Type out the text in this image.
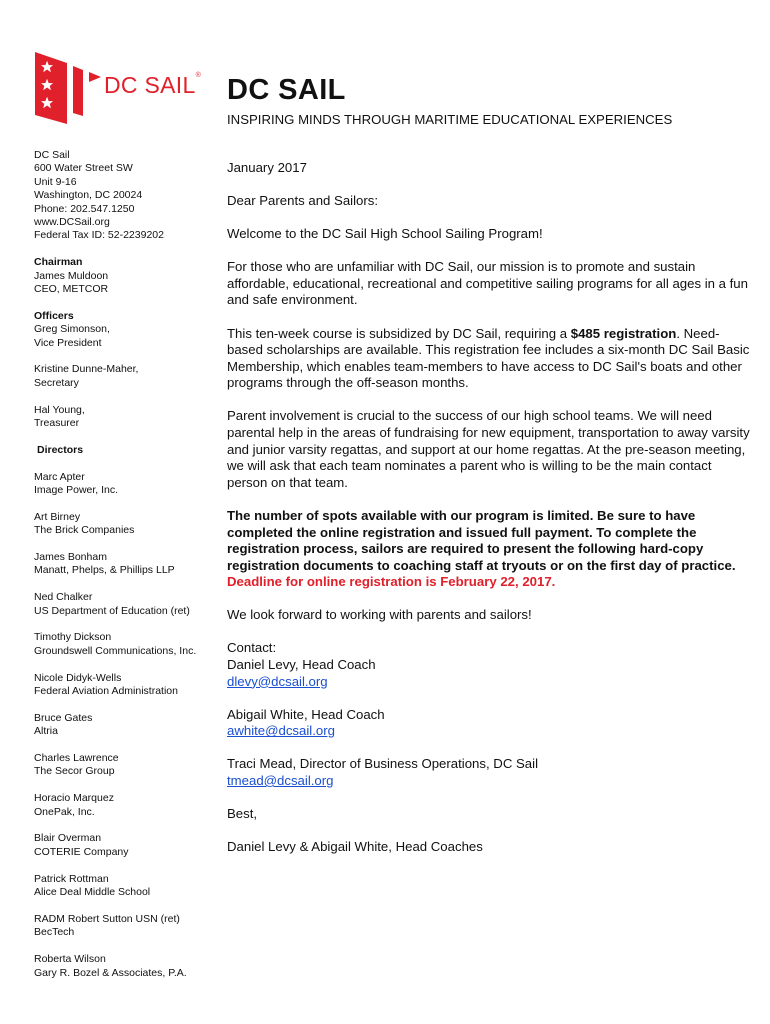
DC SAIL® DC SAIL
INSPIRING MINDS THROUGH MARITIME EDUCATIONAL EXPERIENCES
DC Sail
600 Water Street SW
Unit 9-16
Washington, DC 20024
Phone: 202.547.1250
www.DCSail.org
Federal Tax ID: 52-2239202
Chairman
James Muldoon
CEO, METCOR
Officers
Greg Simonson,
Vice President
Kristine Dunne-Maher,
Secretary
Hal Young,
Treasurer
Directors
Marc Apter
Image Power, Inc.
Art Birney
The Brick Companies
James Bonham
Manatt, Phelps, & Phillips LLP
Ned Chalker
US Department of Education (ret)
Timothy Dickson
Groundswell Communications, Inc.
Nicole Didyk-Wells
Federal Aviation Administration
Bruce Gates
Altria
Charles Lawrence
The Secor Group
Horacio Marquez
OnePak, Inc.
Blair Overman
COTERIE Company
Patrick Rottman
Alice Deal Middle School
RADM Robert Sutton USN (ret)
BecTech
Roberta Wilson
Gary R. Bozel & Associates, P.A.

January 2017

Dear Parents and Sailors:

Welcome to the DC Sail High School Sailing Program!

For those who are unfamiliar with DC Sail, our mission is to promote and sustain affordable, educational, recreational and competitive sailing programs for all ages in a fun and safe environment.

This ten-week course is subsidized by DC Sail, requiring a $485 registration. Need-based scholarships are available. This registration fee includes a six-month DC Sail Basic Membership, which enables team-members to have access to DC Sail's boats and other programs through the off-season months.

Parent involvement is crucial to the success of our high school teams. We will need parental help in the areas of fundraising for new equipment, transportation to away varsity and junior varsity regattas, and support at our home regattas. At the pre-season meeting, we will ask that each team nominates a parent who is willing to be the main contact person on that team.

The number of spots available with our program is limited. Be sure to have completed the online registration and issued full payment. To complete the registration process, sailors are required to present the following hard-copy registration documents to coaching staff at tryouts or on the first day of practice. Deadline for online registration is February 22, 2017.

We look forward to working with parents and sailors!

Contact:

Daniel Levy, Head Coach

dlevy@dcsail.org

Abigail White, Head Coach

awhite@dcsail.org

Traci Mead, Director of Business Operations, DC Sail

tmead@dcsail.org

Best,

Daniel Levy & Abigail White, Head Coaches
